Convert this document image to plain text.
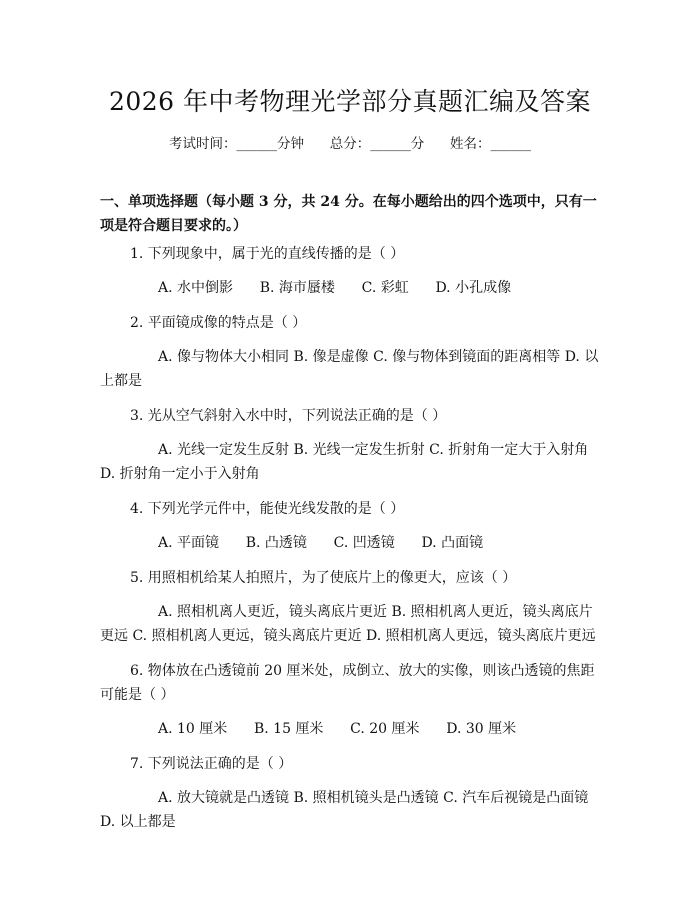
2026 年中考物理光学部分真题汇编及答案
考试时间：______分钟      总分：______分      姓名：______
一、单项选择题（每小题 3 分，共 24 分。在每小题给出的四个选项中，只有一项是符合题目要求的。）
1. 下列现象中，属于光的直线传播的是（ ）
A. 水中倒影 B. 海市蜃楼 C. 彩虹 D. 小孔成像
2. 平面镜成像的特点是（ ）
A. 像与物体大小相同 B. 像是虚像 C. 像与物体到镜面的距离相等 D. 以上都是
3. 光从空气斜射入水中时，下列说法正确的是（ ）
A. 光线一定发生反射 B. 光线一定发生折射 C. 折射角一定大于入射角 D. 折射角一定小于入射角
4. 下列光学元件中，能使光线发散的是（ ）
A. 平面镜 B. 凸透镜 C. 凹透镜 D. 凸面镜
5. 用照相机给某人拍照片，为了使底片上的像更大，应该（ ）
A. 照相机离人更近，镜头离底片更近 B. 照相机离人更近，镜头离底片更远 C. 照相机离人更远，镜头离底片更近 D. 照相机离人更远，镜头离底片更远
6. 物体放在凸透镜前 20 厘米处，成倒立、放大的实像，则该凸透镜的焦距可能是（ ）
A. 10 厘米 B. 15 厘米 C. 20 厘米 D. 30 厘米
7. 下列说法正确的是（ ）
A. 放大镜就是凸透镜 B. 照相机镜头是凸透镜 C. 汽车后视镜是凸面镜 D. 以上都是
